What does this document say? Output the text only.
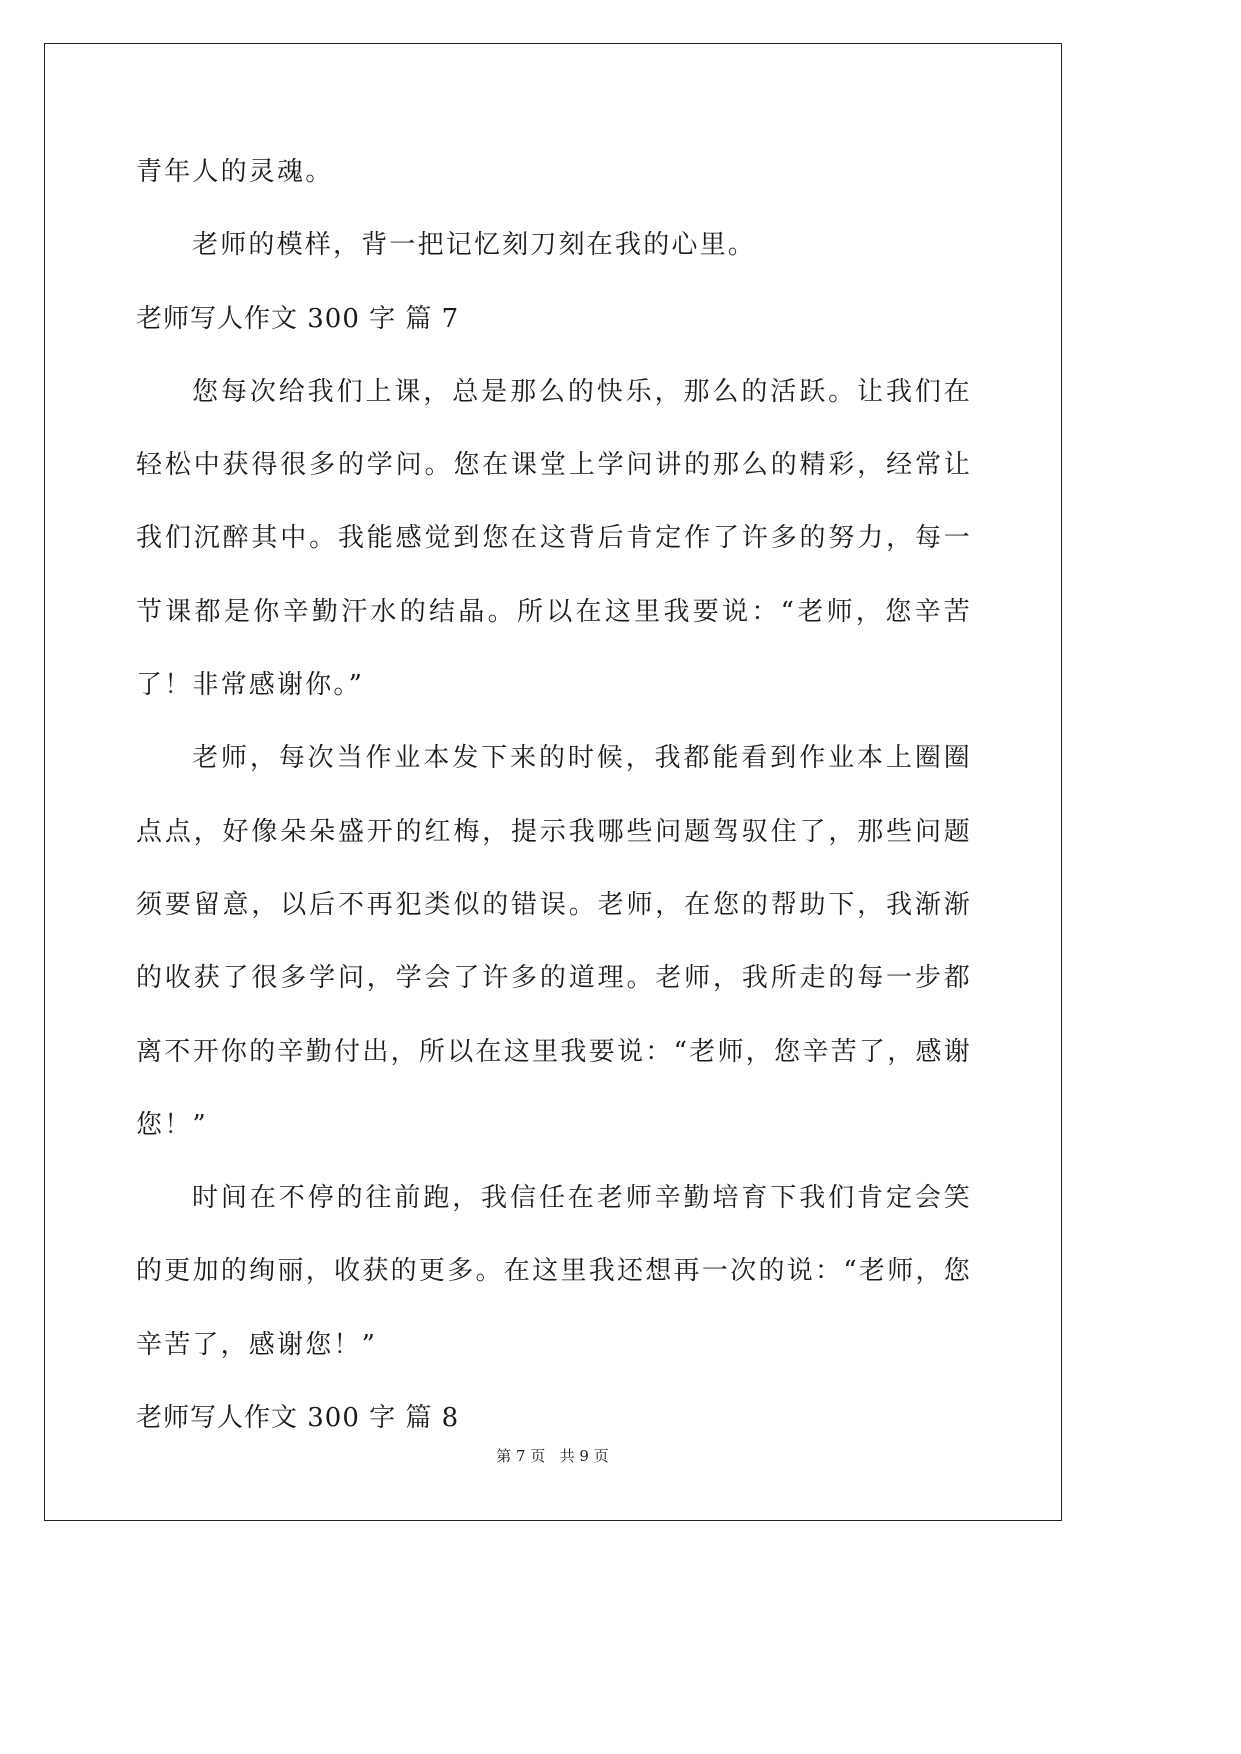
青年人的灵魂。

老师的模样，背一把记忆刻刀刻在我的心里。

老师写人作文 300 字 篇 7

您每次给我们上课，总是那么的快乐，那么的活跃。让我们在轻松中获得很多的学问。您在课堂上学问讲的那么的精彩，经常让我们沉醉其中。我能感觉到您在这背后肯定作了许多的努力，每一节课都是你辛勤汗水的结晶。所以在这里我要说：“老师，您辛苦了！非常感谢你。”

老师，每次当作业本发下来的时候，我都能看到作业本上圈圈点点，好像朵朵盛开的红梅，提示我哪些问题驾驭住了，那些问题须要留意，以后不再犯类似的错误。老师，在您的帮助下，我渐渐的收获了很多学问，学会了许多的道理。老师，我所走的每一步都离不开你的辛勤付出，所以在这里我要说：“老师，您辛苦了，感谢您！”

时间在不停的往前跑，我信任在老师辛勤培育下我们肯定会笑的更加的绚丽，收获的更多。在这里我还想再一次的说：“老师，您辛苦了，感谢您！”

老师写人作文 300 字 篇 8

第 7 页 共 9 页
